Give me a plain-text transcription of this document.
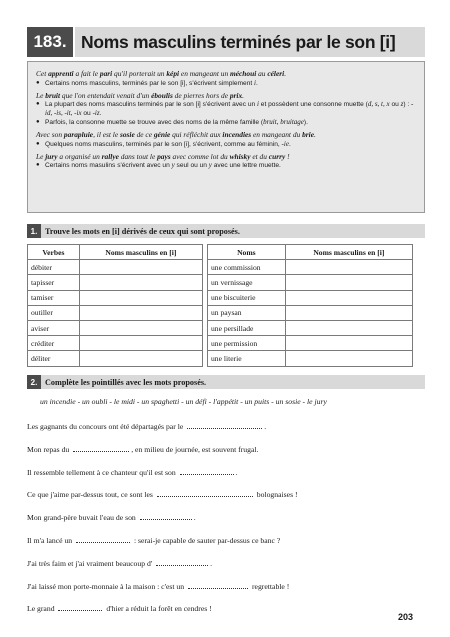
183. Noms masculins terminés par le son [i]
Cet apprenti a fait le pari qu'il porterait un képi en mangeant un méchoui au céleri.
● Certains noms masculins, terminés par le son [i], s'écrivent simplement i.
Le bruit que l'on entendait venait d'un éboulis de pierres hors de prix.
● La plupart des noms masculins terminés par le son [i] s'écrivent avec un i et possèdent une consonne muette (d, s, t, x ou z) : -id, -is, -it, -ix ou -iz.
● Parfois, la consonne muette se trouve avec des noms de la même famille (bruit, bruitage).
Avec son parapluie, il est le sosie de ce génie qui réfléchit aux incendies en mangeant du brie.
● Quelques noms masculins, terminés par le son [i], s'écrivent, comme au féminin, -ie.
Le jury a organisé un rallye dans tout le pays avec comme lot du whisky et du curry !
● Certains noms masulins s'écrivent avec un y seul ou un y avec une lettre muette.
1. Trouve les mots en [i] dérivés de ceux qui sont proposés.
Verbes	Noms masculins en [i]
débiter	
tapisser	
tamiser	
outiller	
aviser	
créditer	
déliter	
Noms	Noms masculins en [i]
une commission	
un vernissage	
une biscuiterie	
un paysan	
une persillade	
une permission	
une literie	
2. Complète les pointillés avec les mots proposés.
un incendie - un oubli - le midi - un spaghetti - un défi - l'appétit - un puits - un sosie - le jury
Les gagnants du concours ont été départagés par le	.
Mon repas du	, en milieu de journée, est souvent frugal.
Il ressemble tellement à ce chanteur qu'il est son	.
Ce que j'aime par-dessus tout, ce sont les	bolognaises !
Mon grand-père buvait l'eau de son	.
Il m'a lancé un	: serai-je capable de sauter par-dessus ce banc ?
J'ai très faim et j'ai vraiment beaucoup d'	.
J'ai laissé mon porte-monnaie à la maison : c'est un	regrettable !
Le grand	d'hier a réduit la forêt en cendres !
203
